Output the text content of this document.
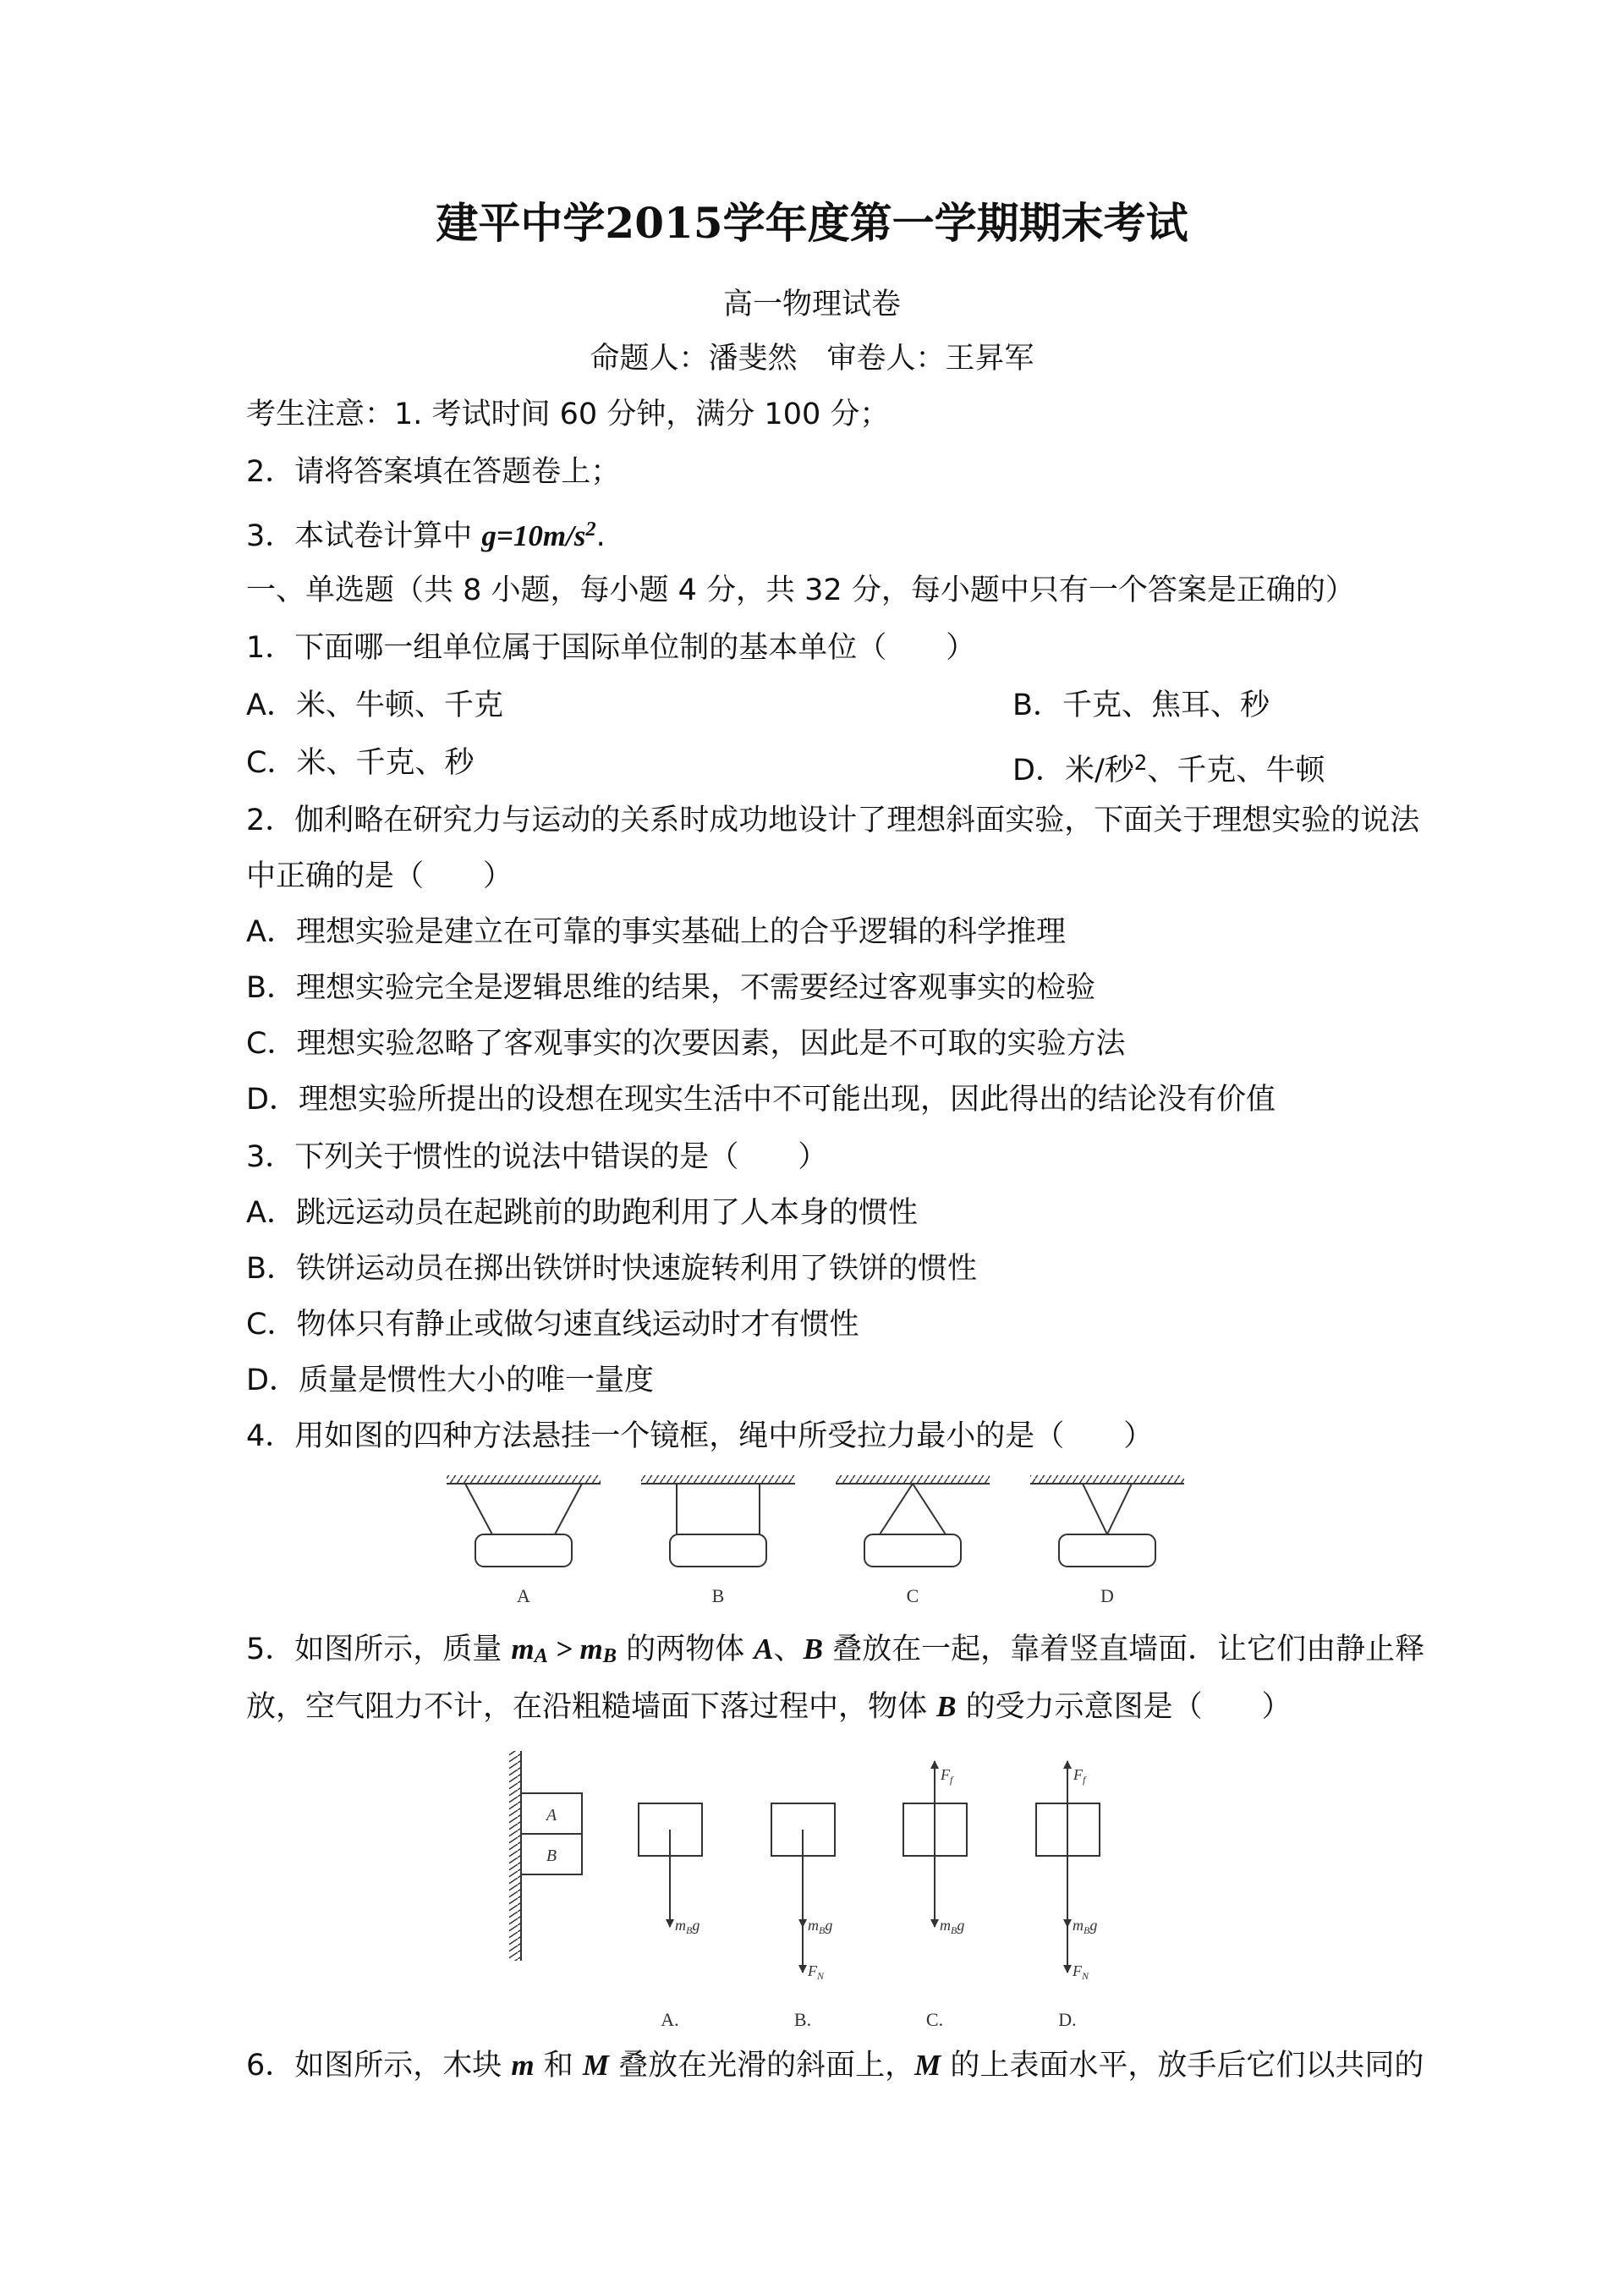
建平中学2015学年度第一学期期末考试
高一物理试卷
命题人：潘斐然　审卷人：王昇军
考生注意：1. 考试时间 60 分钟，满分 100 分；
2．请将答案填在答题卷上；
3．本试卷计算中 $g=10m/s^2$.
一、单选题（共 8 小题，每小题 4 分，共 32 分，每小题中只有一个答案是正确的）
1．下面哪一组单位属于国际单位制的基本单位（　　）
A．米、牛顿、千克	B．千克、焦耳、秒
C．米、千克、秒	D．米/秒$^2$、千克、牛顿
2．伽利略在研究力与运动的关系时成功地设计了理想斜面实验，下面关于理想实验的说法
中正确的是（　　）
A．理想实验是建立在可靠的事实基础上的合乎逻辑的科学推理
B．理想实验完全是逻辑思维的结果，不需要经过客观事实的检验
C．理想实验忽略了客观事实的次要因素，因此是不可取的实验方法
D．理想实验所提出的设想在现实生活中不可能出现，因此得出的结论没有价值
3．下列关于惯性的说法中错误的是（　　）
A．跳远运动员在起跳前的助跑利用了人本身的惯性
B．铁饼运动员在掷出铁饼时快速旋转利用了铁饼的惯性
C．物体只有静止或做匀速直线运动时才有惯性
D．质量是惯性大小的唯一量度
4．用如图的四种方法悬挂一个镜框，绳中所受拉力最小的是（　　）
A	B	C	D
5．如图所示，质量 mA > mB 的两物体 A、B 叠放在一起，靠着竖直墙面．让它们由静止释
放，空气阻力不计，在沿粗糙墙面下落过程中，物体 B 的受力示意图是（　　）
A
B
$m_Bg$
A.
$m_Bg$
$F_N$
B.
$F_f$
$m_Bg$
C.
$F_f$
$m_Bg$
$F_N$
D.
6．如图所示，木块 m 和 M 叠放在光滑的斜面上，M 的上表面水平，放手后它们以共同的
